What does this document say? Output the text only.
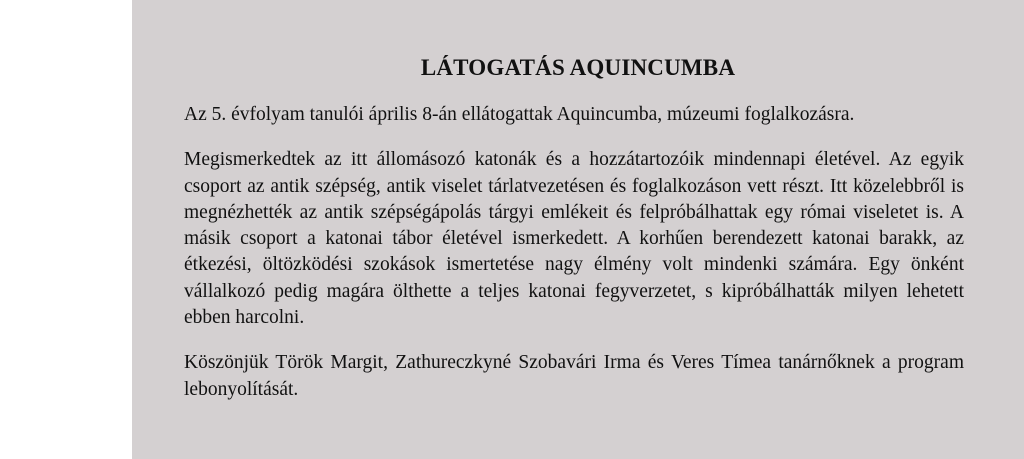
LÁTOGATÁS AQUINCUMBA

Az 5. évfolyam tanulói április 8-án ellátogattak Aquincumba, múzeumi foglalkozásra.

Megismerkedtek az itt állomásozó katonák és a hozzátartozóik mindennapi életével. Az egyik csoport az antik szépség, antik viselet tárlatvezetésen és foglalkozáson vett részt. Itt közelebbről is megnézhették az antik szépségápolás tárgyi emlékeit és felpróbálhattak egy római viseletet is. A másik csoport a katonai tábor életével ismerkedett. A korhűen berendezett katonai barakk, az étkezési, öltözködési szokások ismertetése nagy élmény volt mindenki számára. Egy önként vállalkozó pedig magára ölthette a teljes katonai fegyverzetet, s kipróbálhatták milyen lehetett ebben harcolni.

Köszönjük Török Margit, Zathureczkyné Szobavári Irma és Veres Tímea tanárnőknek a program lebonyolítását.
